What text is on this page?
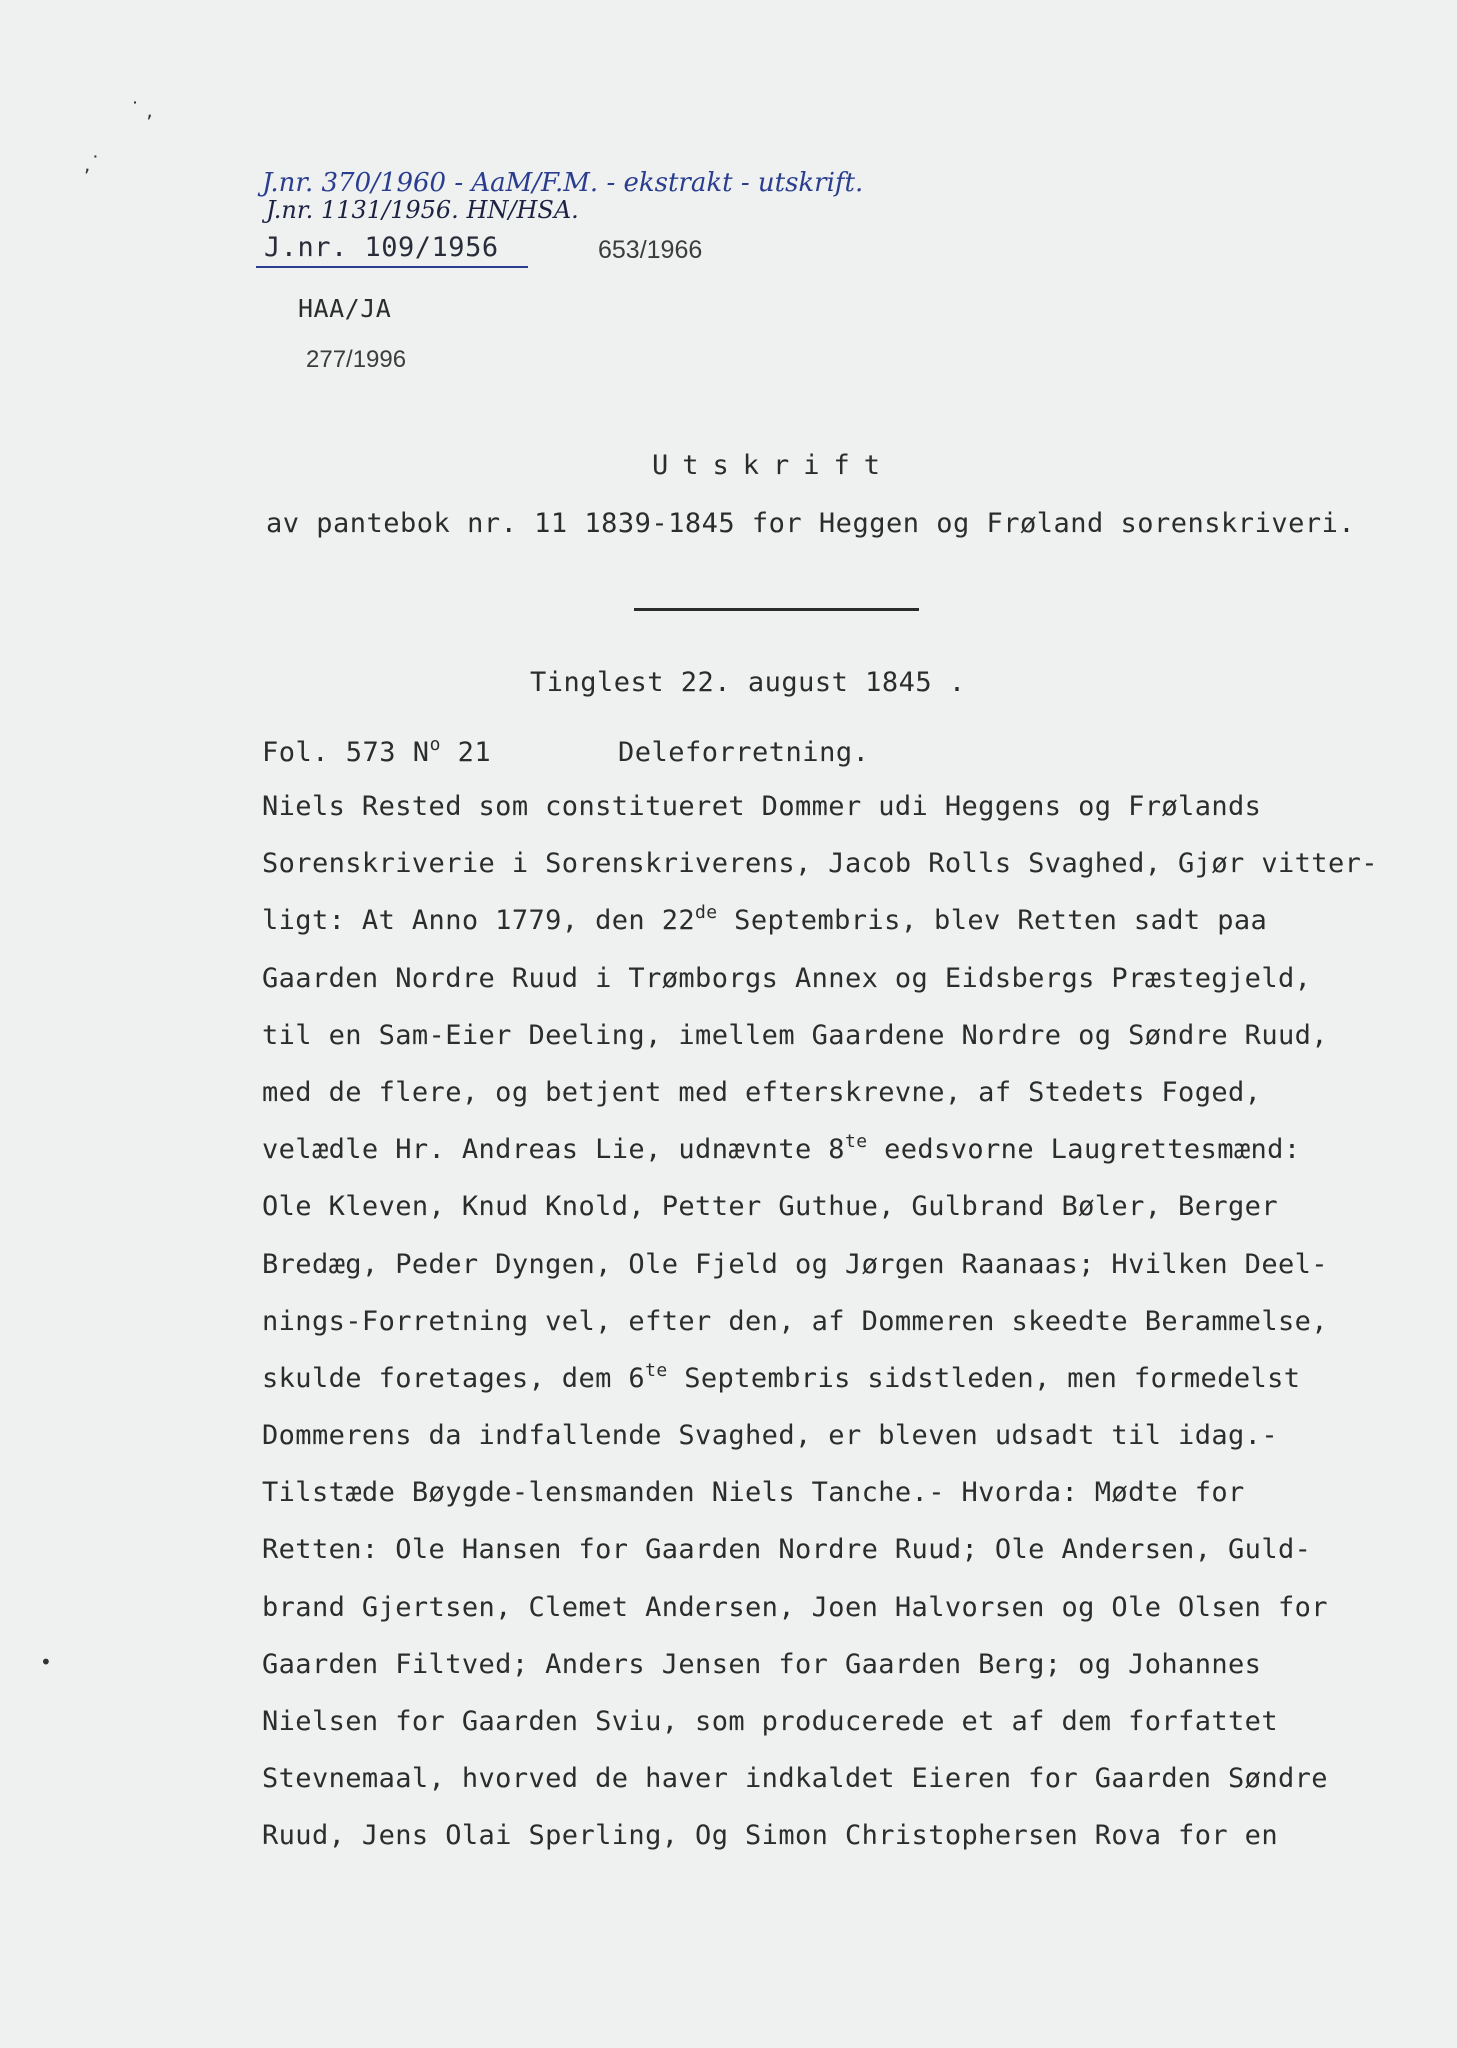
J.nr. 370/1960 - AaM/F.M. - ekstrakt - utskrift.
J.nr. 1131/1956. HN/HSA.
J.nr. 109/1956	653/1966
HAA/JA
277/1996
˙ ,
,˙
•
Utskrift
av pantebok nr. 11 1839-1845 for Heggen og Frøland sorenskriveri.
Tinglest 22. august 1845 .
Fol. 573 $N^o$ 21	Deleforretning.
Niels Rested som constitueret Dommer udi Heggens og Frølands
Sorenskriverie i Sorenskriverens, Jacob Rolls Svaghed, Gjør vitter-
ligt: At Anno 1779, den 22de Septembris, blev Retten sadt paa
Gaarden Nordre Ruud i Trømborgs Annex og Eidsbergs Præstegjeld,
til en Sam-Eier Deeling, imellem Gaardene Nordre og Søndre Ruud,
med de flere, og betjent med efterskrevne, af Stedets Foged,
velædle Hr. Andreas Lie, udnævnte $8^{te}$ eedsvorne Laugrettesmænd:
Ole Kleven, Knud Knold, Petter Guthue, Gulbrand Bøler, Berger
Bredæg, Peder Dyngen, Ole Fjeld og Jørgen Raanaas; Hvilken Deel-
nings-Forretning vel, efter den, af Dommeren skeedte Berammelse,
skulde foretages, dem $6^{te}$ Septembris sidstleden, men formedelst
Dommerens da indfallende Svaghed, er bleven udsadt til idag.-
Tilstæde Bøygde-lensmanden Niels Tanche.- Hvorda: Mødte for
Retten: Ole Hansen for Gaarden Nordre Ruud; Ole Andersen, Guld-
brand Gjertsen, Clemet Andersen, Joen Halvorsen og Ole Olsen for
Gaarden Filtved; Anders Jensen for Gaarden Berg; og Johannes
Nielsen for Gaarden Sviu, som producerede et af dem forfattet
Stevnemaal, hvorved de haver indkaldet Eieren for Gaarden Søndre
Ruud, Jens Olai Sperling, Og Simon Christophersen Rova for en
